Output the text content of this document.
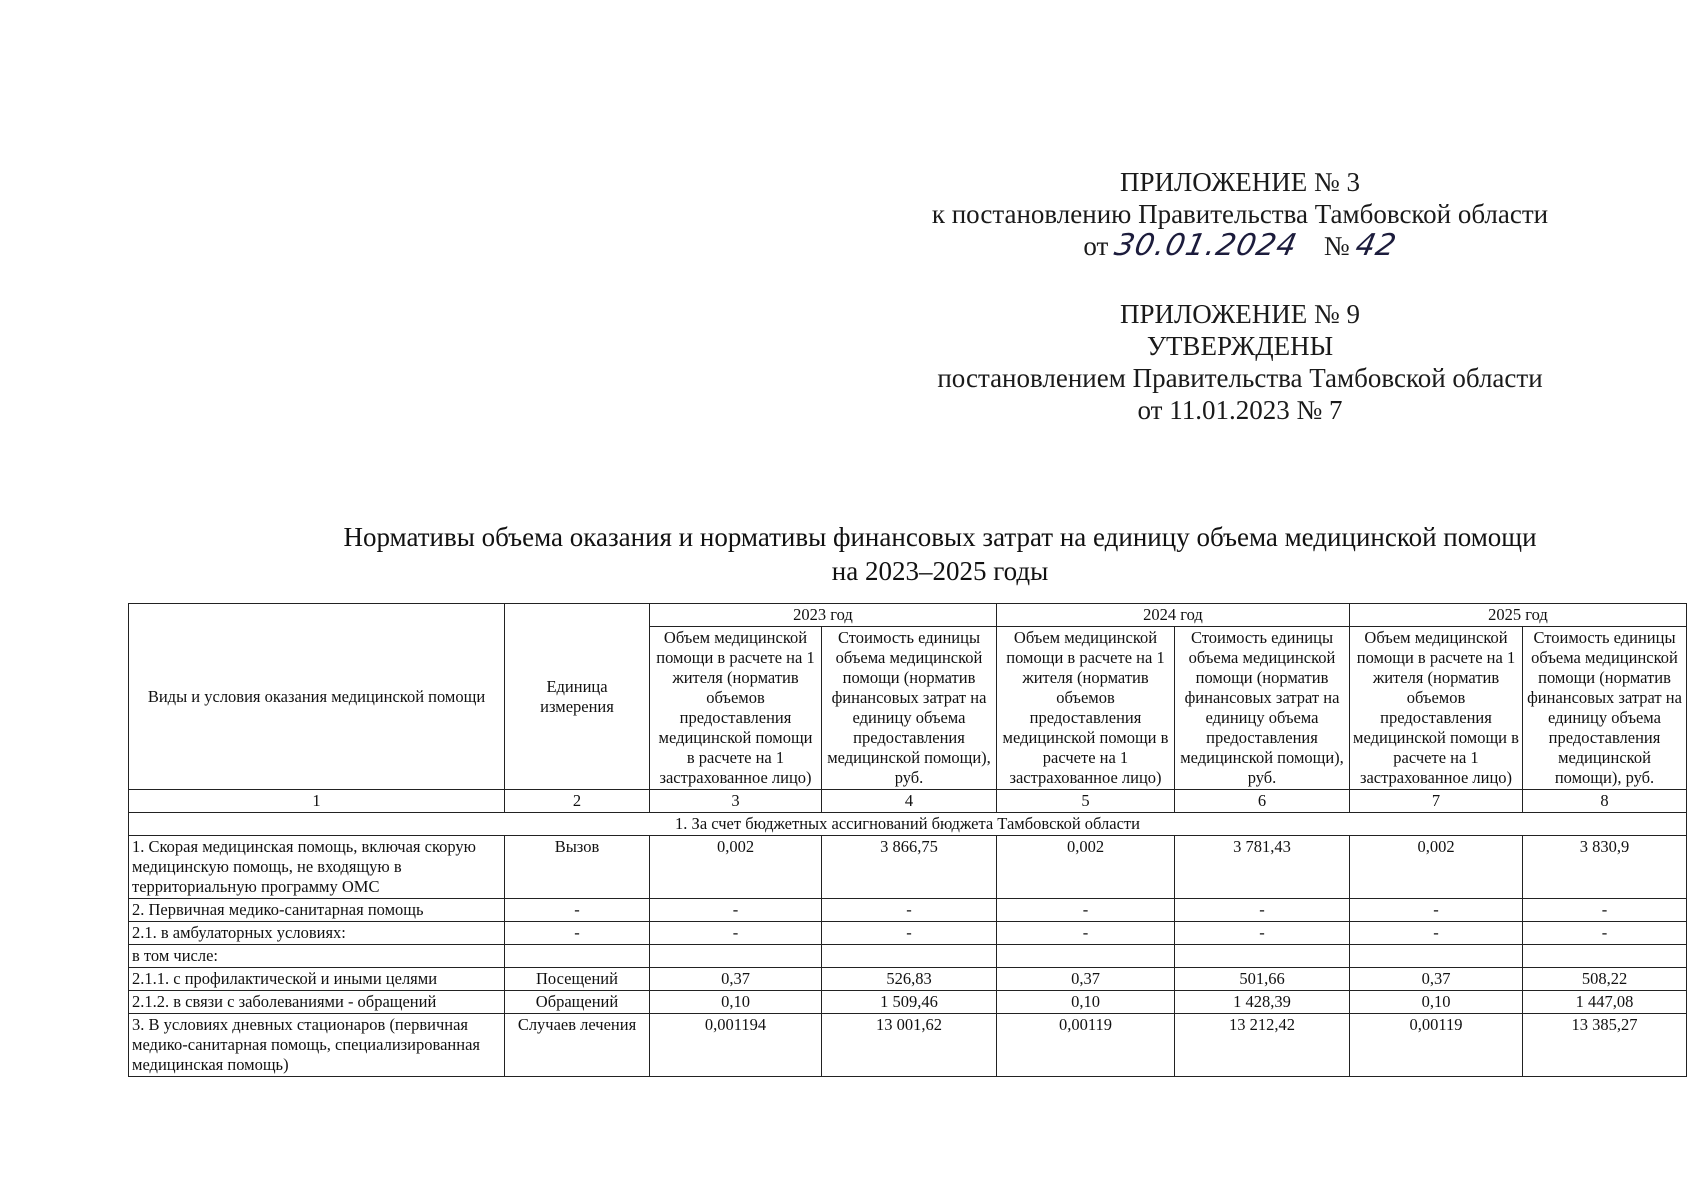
ПРИЛОЖЕНИЕ № 3
к постановлению Правительства Тамбовской области
от 30.01.2024 № 42
ПРИЛОЖЕНИЕ № 9
УТВЕРЖДЕНЫ
постановлением Правительства Тамбовской области
от 11.01.2023 № 7
Нормативы объема оказания и нормативы финансовых затрат на единицу объема медицинской помощи
на 2023–2025 годы
Виды и условия оказания медицинской помощи	Единица измерения	2023 год		2024 год		2025 год	
		Объем медицинской помощи в расчете на 1 жителя (норматив объемов предоставления медицинской помощи в расчете на 1 застрахованное лицо)	Стоимость единицы объема медицинской помощи (норматив финансовых затрат на единицу объема предоставления медицинской помощи), руб.	Объем медицинской помощи в расчете на 1 жителя (норматив объемов предоставления медицинской помощи в расчете на 1 застрахованное лицо)	Стоимость единицы объема медицинской помощи (норматив финансовых затрат на единицу объема предоставления медицинской помощи), руб.	Объем медицинской помощи в расчете на 1 жителя (норматив объемов предоставления медицинской помощи в расчете на 1 застрахованное лицо)	Стоимость единицы объема медицинской помощи (норматив финансовых затрат на единицу объема предоставления медицинской помощи), руб.
1	2	3	4	5	6	7	8
1. За счет бюджетных ассигнований бюджета Тамбовской области							
1. Скорая медицинская помощь, включая скорую медицинскую помощь, не входящую в территориальную программу ОМС	Вызов	0,002	3 866,75	0,002	3 781,43	0,002	3 830,9
2. Первичная медико-санитарная помощь	-	-	-	-	-	-	-
2.1. в амбулаторных условиях:	-	-	-	-	-	-	-
в том числе:							
2.1.1. с профилактической и иными целями	Посещений	0,37	526,83	0,37	501,66	0,37	508,22
2.1.2. в связи с заболеваниями - обращений	Обращений	0,10	1 509,46	0,10	1 428,39	0,10	1 447,08
3. В условиях дневных стационаров (первичная медико-санитарная помощь, специализированная медицинская помощь)	Случаев лечения	0,001194	13 001,62	0,00119	13 212,42	0,00119	13 385,27
